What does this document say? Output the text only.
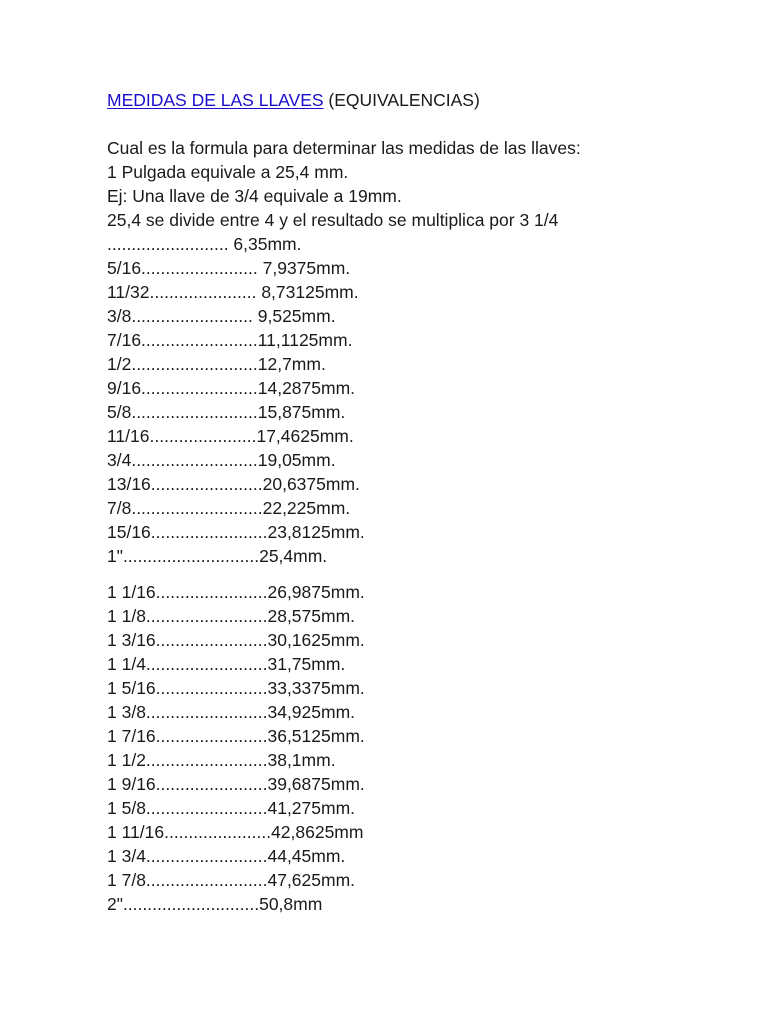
MEDIDAS DE LAS LLAVES (EQUIVALENCIAS)
Cual es la formula para determinar las medidas de las llaves:
1 Pulgada equivale a 25,4 mm.
Ej: Una llave de 3/4 equivale a 19mm.
25,4 se divide entre 4 y el resultado se multiplica por 3 1/4
......................... 6,35mm.
5/16........................ 7,9375mm.
11/32...................... 8,73125mm.
3/8......................... 9,525mm.
7/16........................11,1125mm.
1/2..........................12,7mm.
9/16........................14,2875mm.
5/8..........................15,875mm.
11/16......................17,4625mm.
3/4..........................19,05mm.
13/16.......................20,6375mm.
7/8...........................22,225mm.
15/16........................23,8125mm.
1"............................25,4mm.
1 1/16.......................26,9875mm.
1 1/8.........................28,575mm.
1 3/16.......................30,1625mm.
1 1/4.........................31,75mm.
1 5/16.......................33,3375mm.
1 3/8.........................34,925mm.
1 7/16.......................36,5125mm.
1 1/2.........................38,1mm.
1 9/16.......................39,6875mm.
1 5/8.........................41,275mm.
1 11/16......................42,8625mm
1 3/4.........................44,45mm.
1 7/8.........................47,625mm.
2"............................50,8mm
